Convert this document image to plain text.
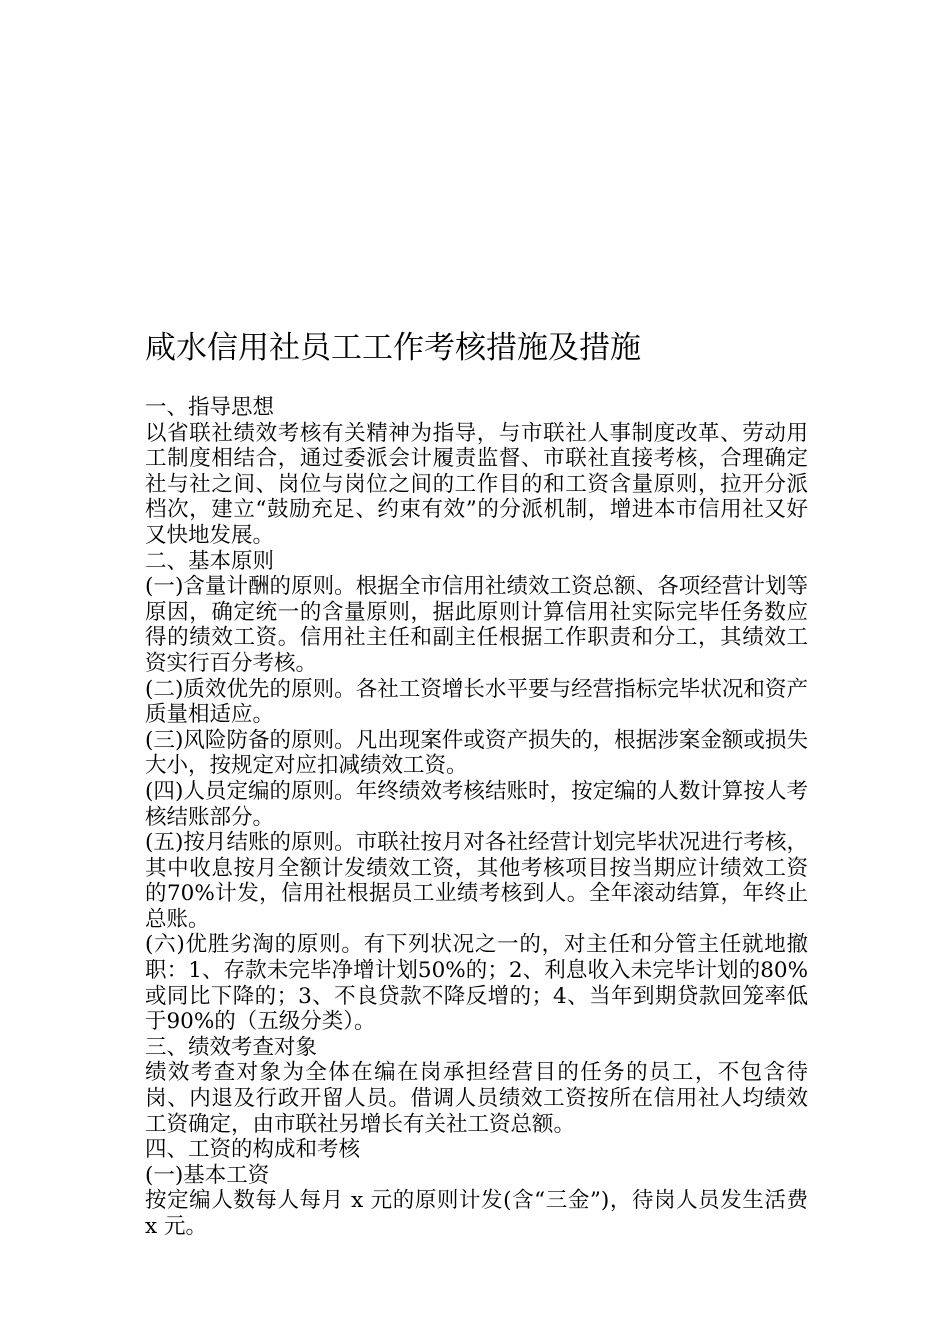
咸水信用社员工工作考核措施及措施

一、指导思想

以省联社绩效考核有关精神为指导，与市联社人事制度改革、劳动用工制度相结合，通过委派会计履责监督、市联社直接考核，合理确定社与社之间、岗位与岗位之间的工作目的和工资含量原则，拉开分派档次，建立“鼓励充足、约束有效”的分派机制，增进本市信用社又好又快地发展。

二、基本原则

(一)含量计酬的原则。根据全市信用社绩效工资总额、各项经营计划等原因，确定统一的含量原则，据此原则计算信用社实际完毕任务数应得的绩效工资。信用社主任和副主任根据工作职责和分工，其绩效工资实行百分考核。

(二)质效优先的原则。各社工资增长水平要与经营指标完毕状况和资产质量相适应。

(三)风险防备的原则。凡出现案件或资产损失的，根据涉案金额或损失大小，按规定对应扣减绩效工资。

(四)人员定编的原则。年终绩效考核结账时，按定编的人数计算按人考核结账部分。

(五)按月结账的原则。市联社按月对各社经营计划完毕状况进行考核，其中收息按月全额计发绩效工资，其他考核项目按当期应计绩效工资的70%计发，信用社根据员工业绩考核到人。全年滚动结算，年终止总账。

(六)优胜劣淘的原则。有下列状况之一的，对主任和分管主任就地撤职：1、存款未完毕净增计划50%的；2、利息收入未完毕计划的80%或同比下降的；3、不良贷款不降反增的；4、当年到期贷款回笼率低于90%的（五级分类）。

三、绩效考查对象

绩效考查对象为全体在编在岗承担经营目的任务的员工，不包含待岗、内退及行政开留人员。借调人员绩效工资按所在信用社人均绩效工资确定，由市联社另增长有关社工资总额。

四、工资的构成和考核

(一)基本工资

按定编人数每人每月 x 元的原则计发(含“三金”)，待岗人员发生活费 x 元。
